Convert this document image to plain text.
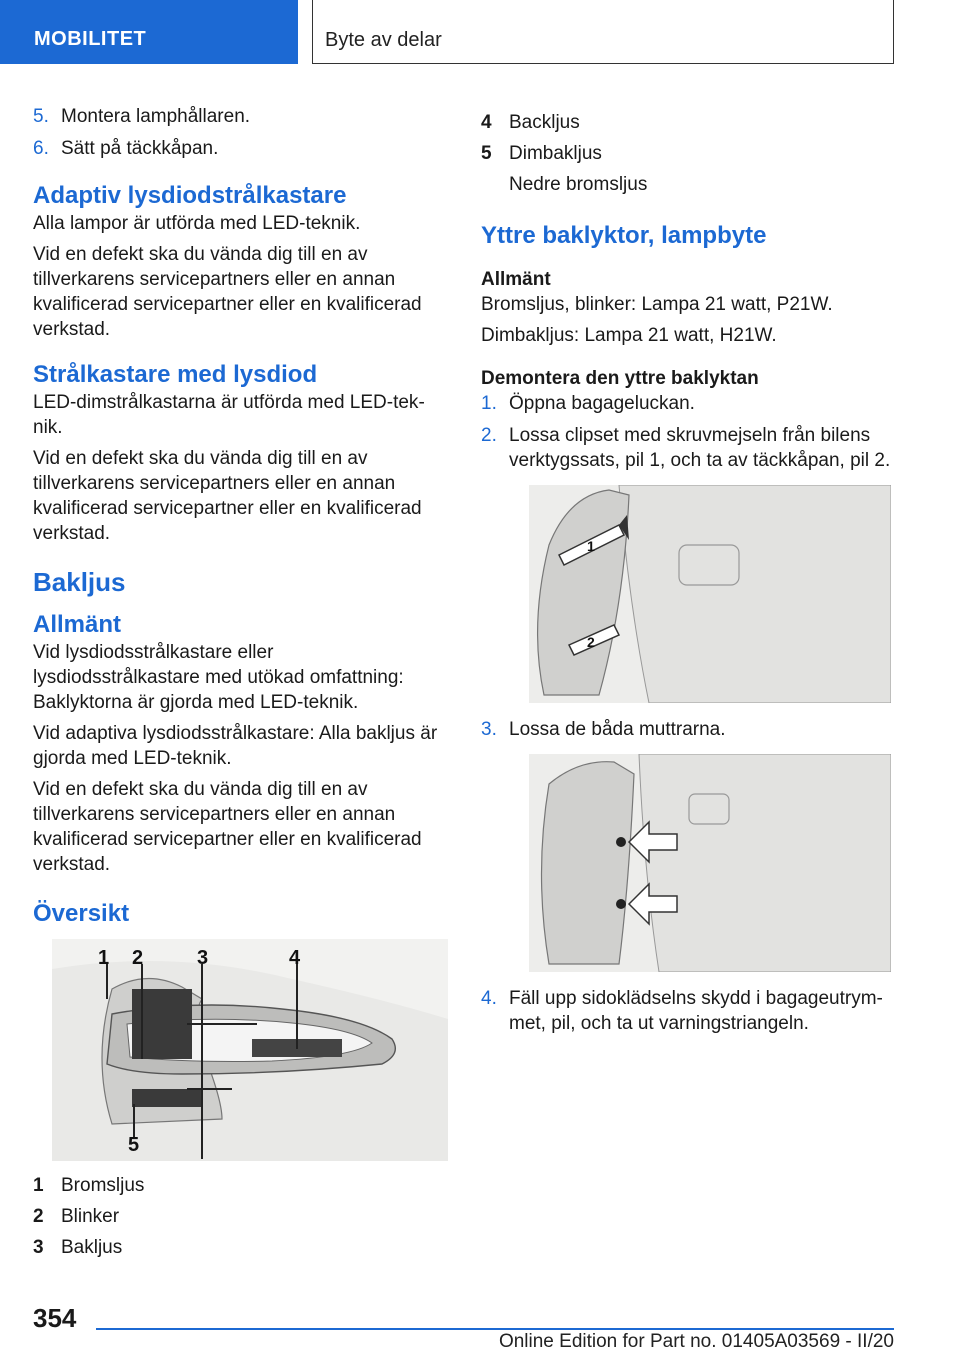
MOBILITET	Byte av delar
5. Montera lamphållaren.
6. Sätt på täckkåpan.
Adaptiv lysdiodstrålkastare

Alla lampor är utförda med LED-teknik.

Vid en defekt ska du vända dig till en av tillverkarens servicepartners eller en annan kvalificerad servicepartner eller en kvalificerad verkstad.

Strålkastare med lysdiod

LED-dimstrålkastarna är utförda med LED-teknik.

Vid en defekt ska du vända dig till en av tillverkarens servicepartners eller en annan kvalificerad servicepartner eller en kvalificerad verkstad.

Bakljus
Allmänt

Vid lysdiodsstrålkastare eller lysdiodsstrålkastare med utökad omfattning: Baklyktorna är gjorda med LED-teknik.

Vid adaptiva lysdiodsstrålkastare: Alla bakljus är gjorda med LED-teknik.

Vid en defekt ska du vända dig till en av tillverkarens servicepartners eller en annan kvalificerad servicepartner eller en kvalificerad verkstad.

Översikt
1 2	3	4
5
1 Bromsljus
2 Blinker
3 Bakljus
4 Backljus
5 Dimbakljus
Nedre bromsljus
Yttre baklyktor, lampbyte
Allmänt

Bromsljus, blinker: Lampa 21 watt, P21W.

Dimbakljus: Lampa 21 watt, H21W.

Demontera den yttre baklyktan
1. Öppna bagageluckan.
2. Lossa clipset med skruvmejseln från bilens verktygssats, pil 1, och ta av täckkåpan, pil 2.
1
2
3. Lossa de båda muttrarna.
4. Fäll upp sidoklädselns skydd i bagageutrymmet, pil, och ta ut varningstriangeln.
354
Online Edition for Part no. 01405A03569 - II/20
